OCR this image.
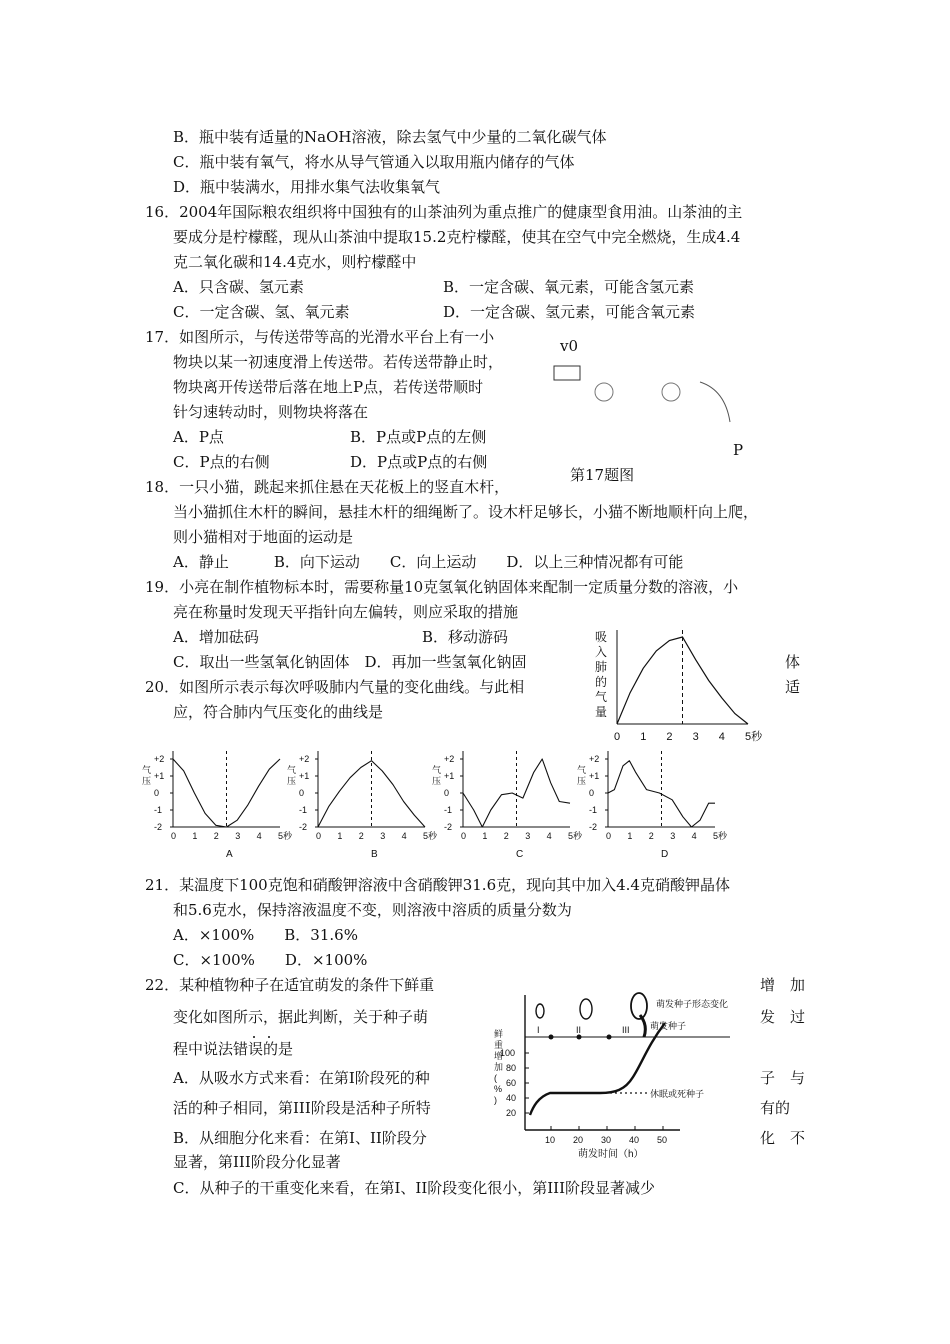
B．瓶中装有适量的NaOH溶液，除去氢气中少量的二氧化碳气体
C．瓶中装有氧气，将水从导气管通入以取用瓶内储存的气体
D．瓶中装满水，用排水集气法收集氧气
16．2004年国际粮农组织将中国独有的山茶油列为重点推广的健康型食用油。山茶油的主
要成分是柠檬醛，现从山茶油中提取15.2克柠檬醛，使其在空气中完全燃烧，生成4.4
克二氧化碳和14.4克水，则柠檬醛中
A．只含碳、氢元素	B．一定含碳、氧元素，可能含氢元素
C．一定含碳、氢、氧元素	D．一定含碳、氢元素，可能含氧元素
17．如图所示，与传送带等高的光滑水平台上有一小
物块以某一初速度滑上传送带。若传送带静止时，
物块离开传送带后落在地上P点，若传送带顺时
针匀速转动时，则物块将落在
A．P点	B．P点或P点的左侧
C．P点的右侧	D．P点或P点的右侧
v0
P
第17题图
18．一只小猫，跳起来抓住悬在天花板上的竖直木杆，
当小猫抓住木杆的瞬间，悬挂木杆的细绳断了。设木杆足够长，小猫不断地顺杆向上爬，
则小猫相对于地面的运动是
A．静止　　　B．向下运动　　C．向上运动　　D．以上三种情况都有可能
19．小亮在制作植物标本时，需要称量10克氢氧化钠固体来配制一定质量分数的溶液，小
亮在称量时发现天平指针向左偏转，则应采取的措施
A．增加砝码	B．移动游码
C．取出一些氢氧化钠固体　D．再加一些氢氧化钠固	体
20．如图所示表示每次呼吸肺内气量的变化曲线。与此相	适
应，符合肺内气压变化的曲线是
吸
入
肺
的
气
量
0 1 2 3 4 5秒
+2
+1
0
-1
-2
气
压
0 1 2 3 4 5秒
A
+2
+1
0
-1
-2
气
压
0 1 2 3 4 5秒
B
+2
+1
0
-1
-2
气
压
0 1 2 3 4 5秒
C
+2
+1
0
-1
-2
气
压
0 1 2 3 4 5秒
D
21．某温度下100克饱和硝酸钾溶液中含硝酸钾31.6克，现向其中加入4.4克硝酸钾晶体
和5.6克水，保持溶液温度不变，则溶液中溶质的质量分数为
A．×100%　　B．31.6%
C．×100%　　D．×100%
22．某种植物种子在适宜萌发的条件下鲜重	增　加
变化如图所示，据此判断，关于种子萌	发　过
程中说法错误的是
A．从吸水方式来看：在第I阶段死的种	子　与
活的种子相同，第III阶段是活种子所特	有的
B．从细胞分化来看：在第I、II阶段分	化　不
显著，第III阶段分化显著
C．从种子的干重变化来看，在第I、II阶段变化很小，第III阶段显著减少
鲜
重
增
加
(
%
)
I	II	III
萌发种子形态变化
萌发种子
休眠或死种子
100
80
60
40
20
10 20 30 40 50
萌发时间（h）
